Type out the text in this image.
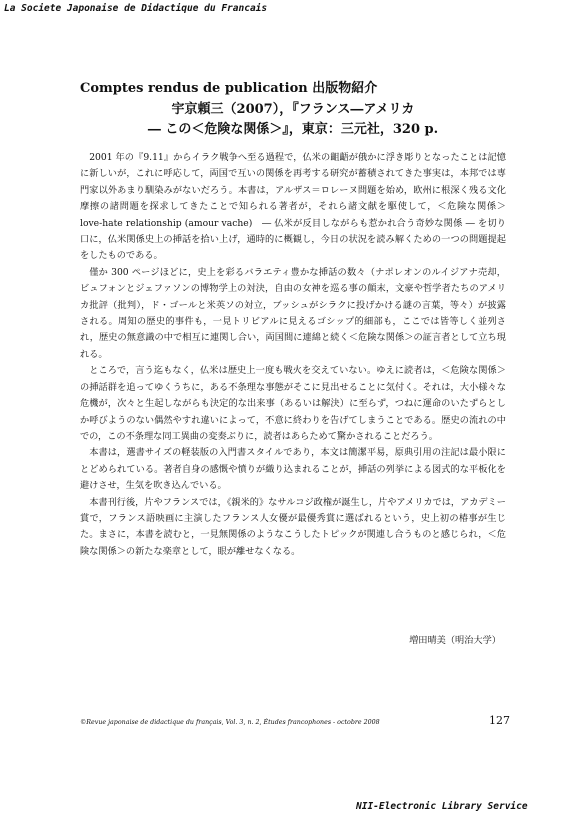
La Societe Japonaise de Didactique du Francais
Comptes rendus de publication 出版物紹介
宇京頼三（2007），『フランス―アメリカ
― この＜危険な関係＞』，東京：三元社，320 p.

2001 年の『9.11』からイラク戦争へ至る過程で，仏米の齟齬が俄かに浮き彫りとなったことは記憶に新しいが，これに呼応して，両国で互いの関係を再考する研究が蓄積されてきた事実は，本邦では専門家以外あまり馴染みがないだろう。本書は，アルザス＝ロレーヌ問題を始め，欧州に根深く残る文化摩擦の諸問題を探求してきたことで知られる著者が，それら諸文献を駆使して，＜危険な関係＞　love-hate relationship (amour vache)　― 仏米が反目しながらも惹かれ合う奇妙な関係 ― を切り口に，仏米関係史上の挿話を拾い上げ，通時的に概観し，今日の状況を読み解くための一つの問題提起をしたものである。

僅か 300 ページほどに，史上を彩るバラエティ豊かな挿話の数々（ナポレオンのルイジアナ売却，ビュフォンとジェファソンの博物学上の対決，自由の女神を巡る事の顛末，文豪や哲学者たちのアメリカ批評（批判），ド・ゴールと米英ソの対立，ブッシュがシラクに投げかける謎の言葉，等々）が披露される。周知の歴史的事件も，一見トリビアルに見えるゴシップ的細部も，ここでは皆等しく並列され，歴史の無意識の中で相互に連関し合い，両国間に連綿と続く＜危険な関係＞の証言者として立ち現れる。

ところで，言う迄もなく，仏米は歴史上一度も戦火を交えていない。ゆえに読者は，＜危険な関係＞の挿話群を追ってゆくうちに，ある不条理な事態がそこに見出せることに気付く。それは，大小様々な危機が，次々と生起しながらも決定的な出来事（あるいは解決）に至らず，つねに運命のいたずらとしか呼びようのない偶然やすれ違いによって，不意に終わりを告げてしまうことである。歴史の流れの中での，この不条理な同工異曲の変奏ぶりに，読者はあらためて驚かされることだろう。

本書は，選書サイズの軽装版の入門書スタイルであり，本文は簡潔平易，原典引用の注記は最小限にとどめられている。著者自身の感慨や憤りが織り込まれることが，挿話の列挙による図式的な平板化を避けさせ，生気を吹き込んでいる。

本書刊行後，片やフランスでは，《親米的》なサルコジ政権が誕生し，片やアメリカでは，アカデミー賞で，フランス語映画に主演したフランス人女優が最優秀賞に選ばれるという，史上初の椿事が生じた。まさに，本書を読むと，一見無関係のようなこうしたトピックが関連し合うものと感じられ，＜危険な関係＞の新たな楽章として，眼が離せなくなる。

増田晴美（明治大学）
©Revue japonaise de didactique du français, Vol. 3, n. 2, Études francophones - octobre 2008	127
NII-Electronic Library Service
